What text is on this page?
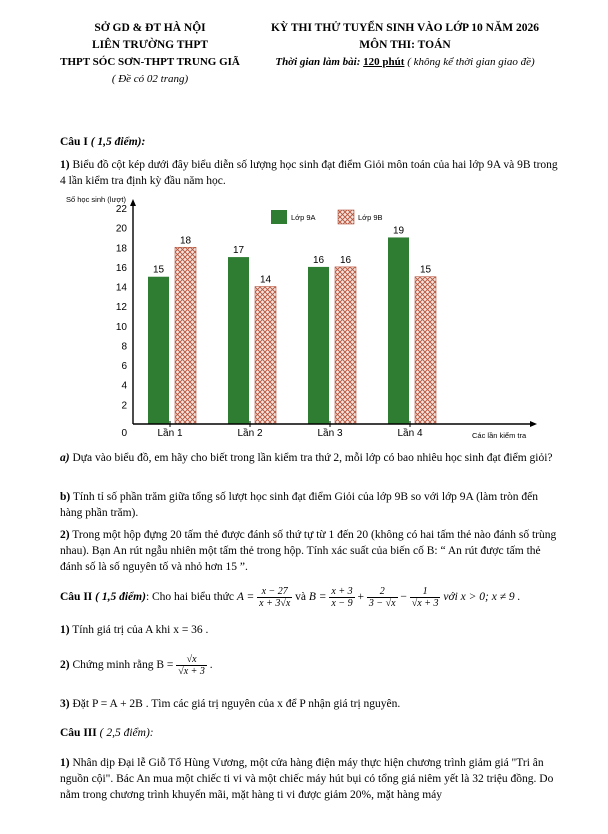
SỞ GD & ĐT HÀ NỘI
LIÊN TRƯỜNG THPT
THPT SÓC SƠN-THPT TRUNG GIÃ
( Đề có 02 trang)
KỲ THI THỬ TUYỂN SINH VÀO LỚP 10 NĂM 2026
MÔN THI: TOÁN
Thời gian làm bài: 120 phút ( không kể thời gian giao đề)
Câu I ( 1,5 điểm):
1) Biểu đồ cột kép dưới đây biểu diễn số lượng học sinh đạt điểm Giỏi môn toán của hai lớp 9A và 9B trong 4 lần kiểm tra định kỳ đầu năm học.
Số học sinh (lượt)
0
2
4
6
8
10
12
14
16
18
20
22
15
18
17
14
16 16
19
15
Lần 1	Lần 2	Lần 3	Lần 4	Các lần kiểm tra
Lớp 9A	Lớp 9B
a) Dựa vào biểu đồ, em hãy cho biết trong lần kiểm tra thứ 2, mỗi lớp có bao nhiêu học sinh đạt điểm giỏi?
b) Tính tỉ số phần trăm giữa tổng số lượt học sinh đạt điểm Giỏi của lớp 9B so với lớp 9A (làm tròn đến hàng phần trăm).
2) Trong một hộp đựng 20 tấm thẻ được đánh số thứ tự từ 1 đến 20 (không có hai tấm thẻ nào đánh số trùng nhau). Bạn An rút ngẫu nhiên một tấm thẻ trong hộp. Tính xác suất của biến cố B: “ An rút được tấm thẻ đánh số là số nguyên tố và nhỏ hơn 15 ”.
Câu II ( 1,5 điểm): Cho hai biểu thức $A = \frac{x - 27}{x + 3√x}$ và $B = \frac{x + 3}{x - 9} + \frac{2}{3 - √x} - \frac{1}{√x + 3}$ với x > 0; x ≠ 9 .
1) Tính giá trị của A khi x = 36 .
2) Chứng minh rằng $B = \frac{√x}{√x + 3}$ .
3) Đặt P = A + 2B . Tìm các giá trị nguyên của x để P nhận giá trị nguyên.
Câu III ( 2,5 điểm):
1) Nhân dịp Đại lễ Giỗ Tổ Hùng Vương, một cửa hàng điện máy thực hiện chương trình giảm giá "Tri ân nguồn cội". Bác An mua một chiếc ti vi và một chiếc máy hút bụi có tổng giá niêm yết là 32 triệu đồng. Do nằm trong chương trình khuyến mãi, mặt hàng ti vi được giảm 20%, mặt hàng máy
